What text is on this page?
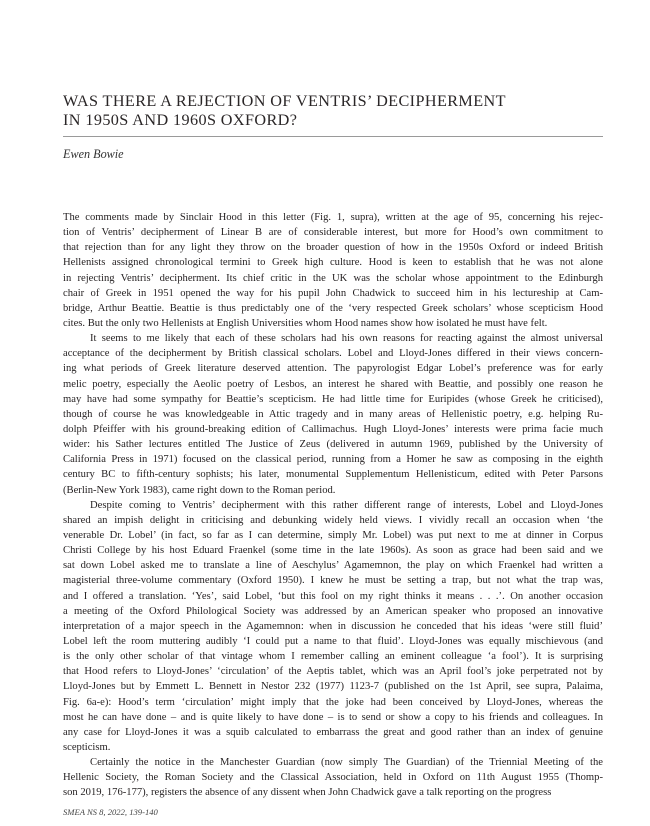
WAS THERE A REJECTION OF VENTRIS’ DECIPHERMENT
IN 1950S AND 1960S OXFORD?
Ewen Bowie
The comments made by Sinclair Hood in this letter (Fig. 1, supra), written at the age of 95, concerning his rejec-
tion of Ventris’ decipherment of Linear B are of considerable interest, but more for Hood’s own commitment to
that rejection than for any light they throw on the broader question of how in the 1950s Oxford or indeed British
Hellenists assigned chronological termini to Greek high culture. Hood is keen to establish that he was not alone
in rejecting Ventris’ decipherment. Its chief critic in the UK was the scholar whose appointment to the Edinburgh
chair of Greek in 1951 opened the way for his pupil John Chadwick to succeed him in his lectureship at Cam-
bridge, Arthur Beattie. Beattie is thus predictably one of the ‘very respected Greek scholars’ whose scepticism Hood
cites. But the only two Hellenists at English Universities whom Hood names show how isolated he must have felt.
It seems to me likely that each of these scholars had his own reasons for reacting against the almost universal
acceptance of the decipherment by British classical scholars. Lobel and Lloyd-Jones differed in their views concern-
ing what periods of Greek literature deserved attention. The papyrologist Edgar Lobel’s preference was for early
melic poetry, especially the Aeolic poetry of Lesbos, an interest he shared with Beattie, and possibly one reason he
may have had some sympathy for Beattie’s scepticism. He had little time for Euripides (whose Greek he criticised),
though of course he was knowledgeable in Attic tragedy and in many areas of Hellenistic poetry, e.g. helping Ru-
dolph Pfeiffer with his ground-breaking edition of Callimachus. Hugh Lloyd-Jones’ interests were prima facie much
wider: his Sather lectures entitled The Justice of Zeus (delivered in autumn 1969, published by the University of
California Press in 1971) focused on the classical period, running from a Homer he saw as composing in the eighth
century BC to fifth-century sophists; his later, monumental Supplementum Hellenisticum, edited with Peter Parsons
(Berlin-New York 1983), came right down to the Roman period.
Despite coming to Ventris’ decipherment with this rather different range of interests, Lobel and Lloyd-Jones
shared an impish delight in criticising and debunking widely held views. I vividly recall an occasion when ‘the
venerable Dr. Lobel’ (in fact, so far as I can determine, simply Mr. Lobel) was put next to me at dinner in Corpus
Christi College by his host Eduard Fraenkel (some time in the late 1960s). As soon as grace had been said and we
sat down Lobel asked me to translate a line of Aeschylus’ Agamemnon, the play on which Fraenkel had written a
magisterial three-volume commentary (Oxford 1950). I knew he must be setting a trap, but not what the trap was,
and I offered a translation. ‘Yes’, said Lobel, ‘but this fool on my right thinks it means . . .’. On another occasion
a meeting of the Oxford Philological Society was addressed by an American speaker who proposed an innovative
interpretation of a major speech in the Agamemnon: when in discussion he conceded that his ideas ‘were still fluid’
Lobel left the room muttering audibly ‘I could put a name to that fluid’. Lloyd-Jones was equally mischievous (and
is the only other scholar of that vintage whom I remember calling an eminent colleague ‘a fool’). It is surprising
that Hood refers to Lloyd-Jones’ ‘circulation’ of the Aeptis tablet, which was an April fool’s joke perpetrated not by
Lloyd-Jones but by Emmett L. Bennett in Nestor 232 (1977) 1123-7 (published on the 1st April, see supra, Palaima,
Fig. 6a-e): Hood’s term ‘circulation’ might imply that the joke had been conceived by Lloyd-Jones, whereas the
most he can have done – and is quite likely to have done – is to send or show a copy to his friends and colleagues. In
any case for Lloyd-Jones it was a squib calculated to embarrass the great and good rather than an index of genuine
scepticism.
Certainly the notice in the Manchester Guardian (now simply The Guardian) of the Triennial Meeting of the
Hellenic Society, the Roman Society and the Classical Association, held in Oxford on 11th August 1955 (Thomp-
son 2019, 176-177), registers the absence of any dissent when John Chadwick gave a talk reporting on the progress
SMEA NS 8, 2022, 139-140
